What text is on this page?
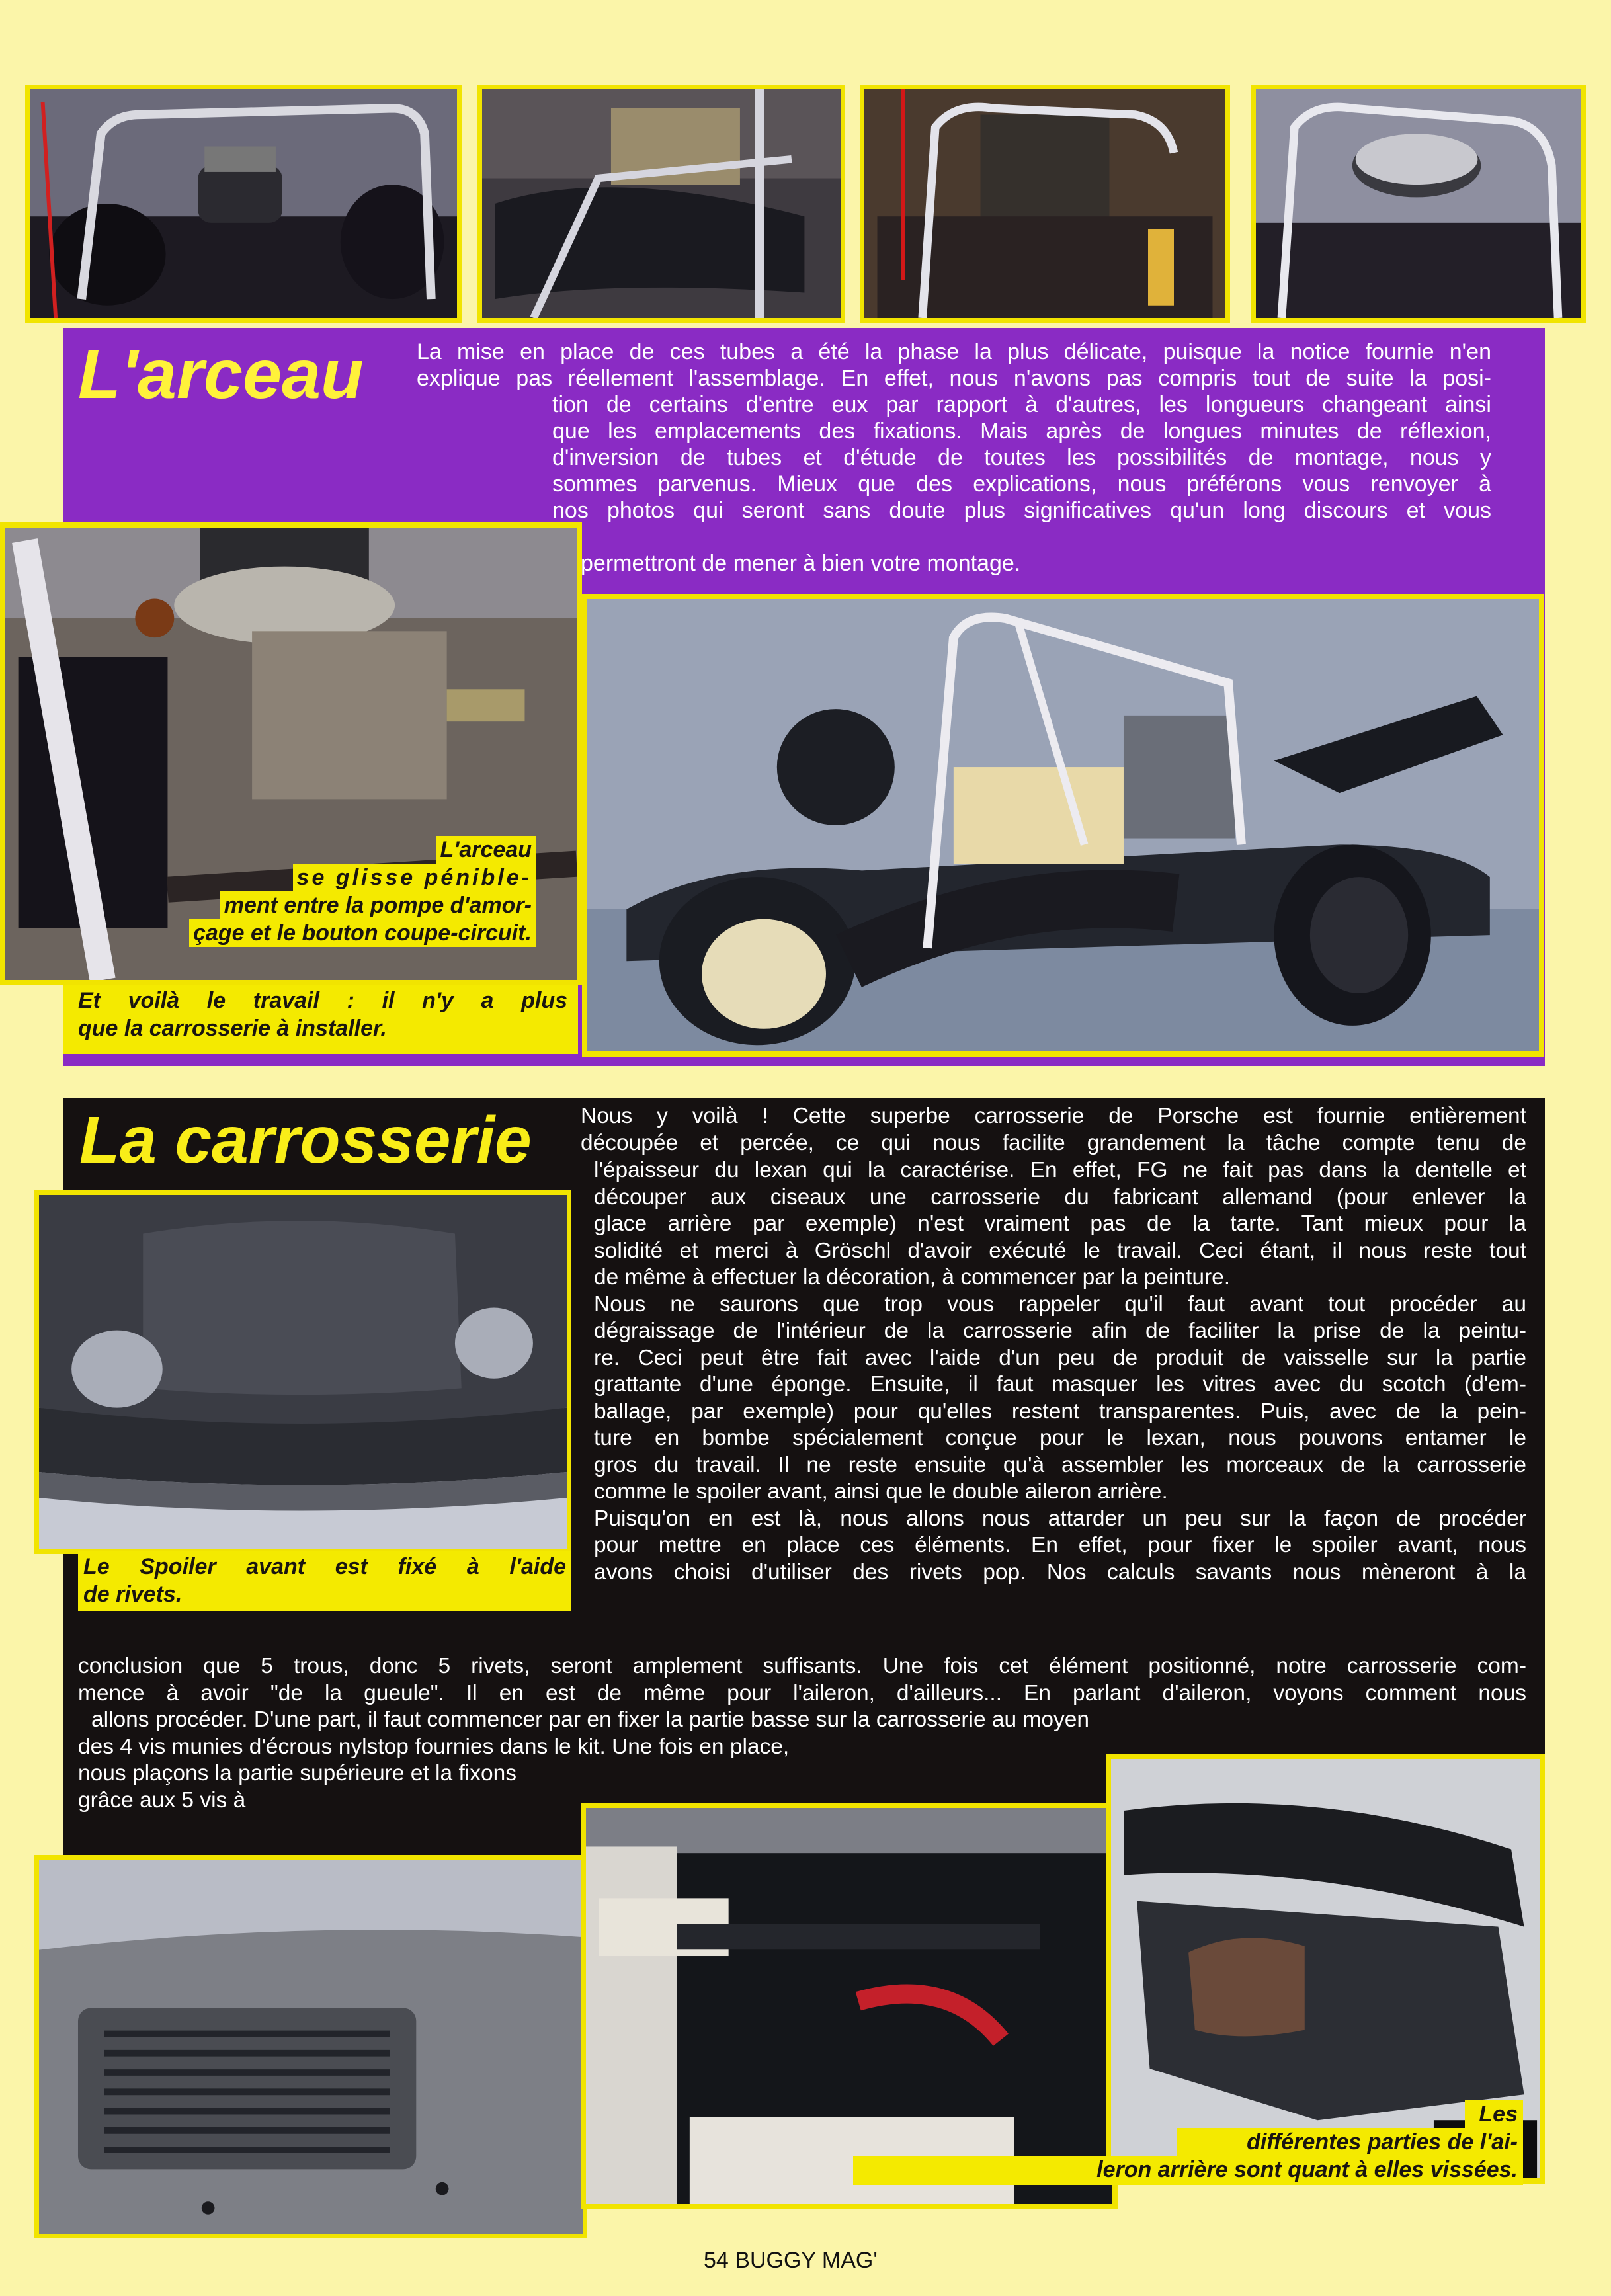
L'arceau La mise en place de ces tubes a été la phase la plus délicate, puisque la notice fournie n'en
explique pas réellement l'assemblage. En effet, nous n'avons pas compris tout de suite la posi-
tion de certains d'entre eux par rapport à d'autres, les longueurs changeant ainsi
que les emplacements des fixations. Mais après de longues minutes de réflexion,
d'inversion de tubes et d'étude de toutes les possibilités de montage, nous y
sommes parvenus. Mieux que des explications, nous préférons vous renvoyer à
nos photos qui seront sans doute plus significatives qu'un long discours et vous
permettront de mener à bien votre montage.
L'arceau
se glisse pénible-
ment entre la pompe d'amor-
çage et le bouton coupe-circuit.
Et voilà le travail : il n'y a plus
que la carrosserie à installer.
La carrosserie Nous y voilà ! Cette superbe carrosserie de Porsche est fournie entièrement
découpée et percée, ce qui nous facilite grandement la tâche compte tenu de
l'épaisseur du lexan qui la caractérise. En effet, FG ne fait pas dans la dentelle et
découper aux ciseaux une carrosserie du fabricant allemand (pour enlever la
glace arrière par exemple) n'est vraiment pas de la tarte. Tant mieux pour la
solidité et merci à Gröschl d'avoir exécuté le travail. Ceci étant, il nous reste tout
de même à effectuer la décoration, à commencer par la peinture.
Nous ne saurons que trop vous rappeler qu'il faut avant tout procéder au
dégraissage de l'intérieur de la carrosserie afin de faciliter la prise de la peintu-
re. Ceci peut être fait avec l'aide d'un peu de produit de vaisselle sur la partie
grattante d'une éponge. Ensuite, il faut masquer les vitres avec du scotch (d'em-
ballage, par exemple) pour qu'elles restent transparentes. Puis, avec de la pein-
ture en bombe spécialement conçue pour le lexan, nous pouvons entamer le
gros du travail. Il ne reste ensuite qu'à assembler les morceaux de la carrosserie
comme le spoiler avant, ainsi que le double aileron arrière.
Puisqu'on en est là, nous allons nous attarder un peu sur la façon de procéder
pour mettre en place ces éléments. En effet, pour fixer le spoiler avant, nous
avons choisi d'utiliser des rivets pop. Nos calculs savants nous mèneront à la
conclusion que 5 trous, donc 5 rivets, seront amplement suffisants. Une fois cet élément positionné, notre carrosserie com-
mence à avoir "de la gueule". Il en est de même pour l'aileron, d'ailleurs... En parlant d'aileron, voyons comment nous
allons procéder. D'une part, il faut commencer par en fixer la partie basse sur la carrosserie au moyen
des 4 vis munies d'écrous nylstop fournies dans le kit. Une fois en place,
nous plaçons la partie supérieure et la fixons
grâce aux 5 vis à
Le Spoiler avant est fixé à l'aide
de rivets.
Les
différentes parties de l'ai-
leron arrière sont quant à elles vissées.
54 BUGGY MAG'
